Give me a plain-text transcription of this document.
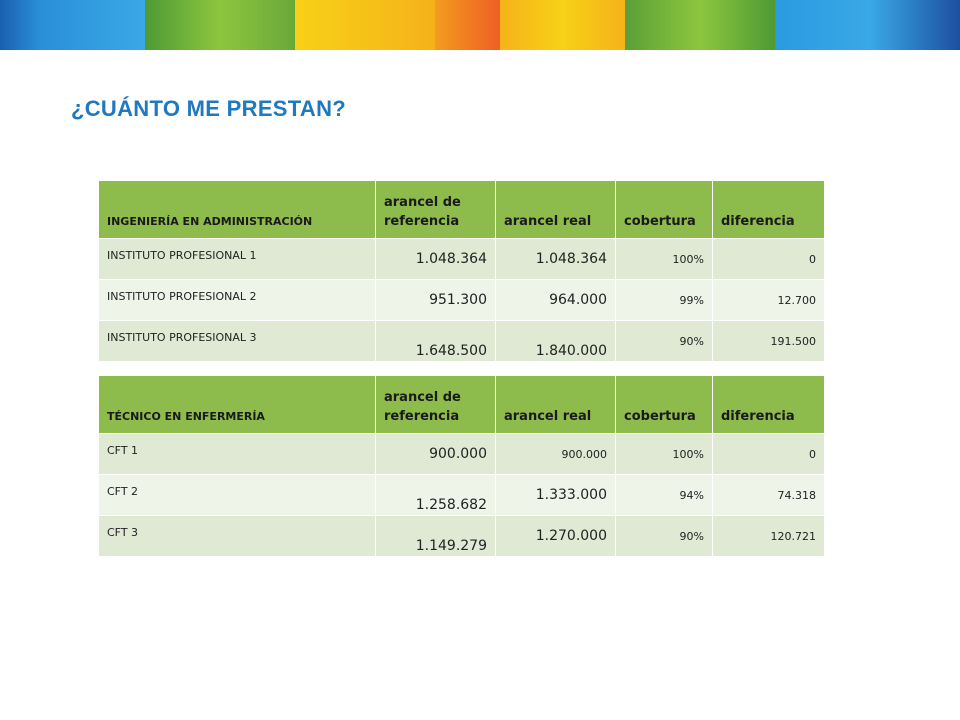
¿CUÁNTO ME PRESTAN?
INGENIERÍA EN ADMINISTRACIÓN	arancel de referencia	arancel real	cobertura	diferencia
INSTITUTO PROFESIONAL 1	1.048.364	1.048.364	100%	0
INSTITUTO PROFESIONAL 2	951.300	964.000	99%	12.700
INSTITUTO PROFESIONAL 3	1.648.500	1.840.000	90%	191.500
TÉCNICO EN ENFERMERÍA	arancel de referencia	arancel real	cobertura	diferencia
CFT 1	900.000	900.000	100%	0
CFT 2	1.258.682	1.333.000	94%	74.318
CFT 3	1.149.279	1.270.000	90%	120.721
